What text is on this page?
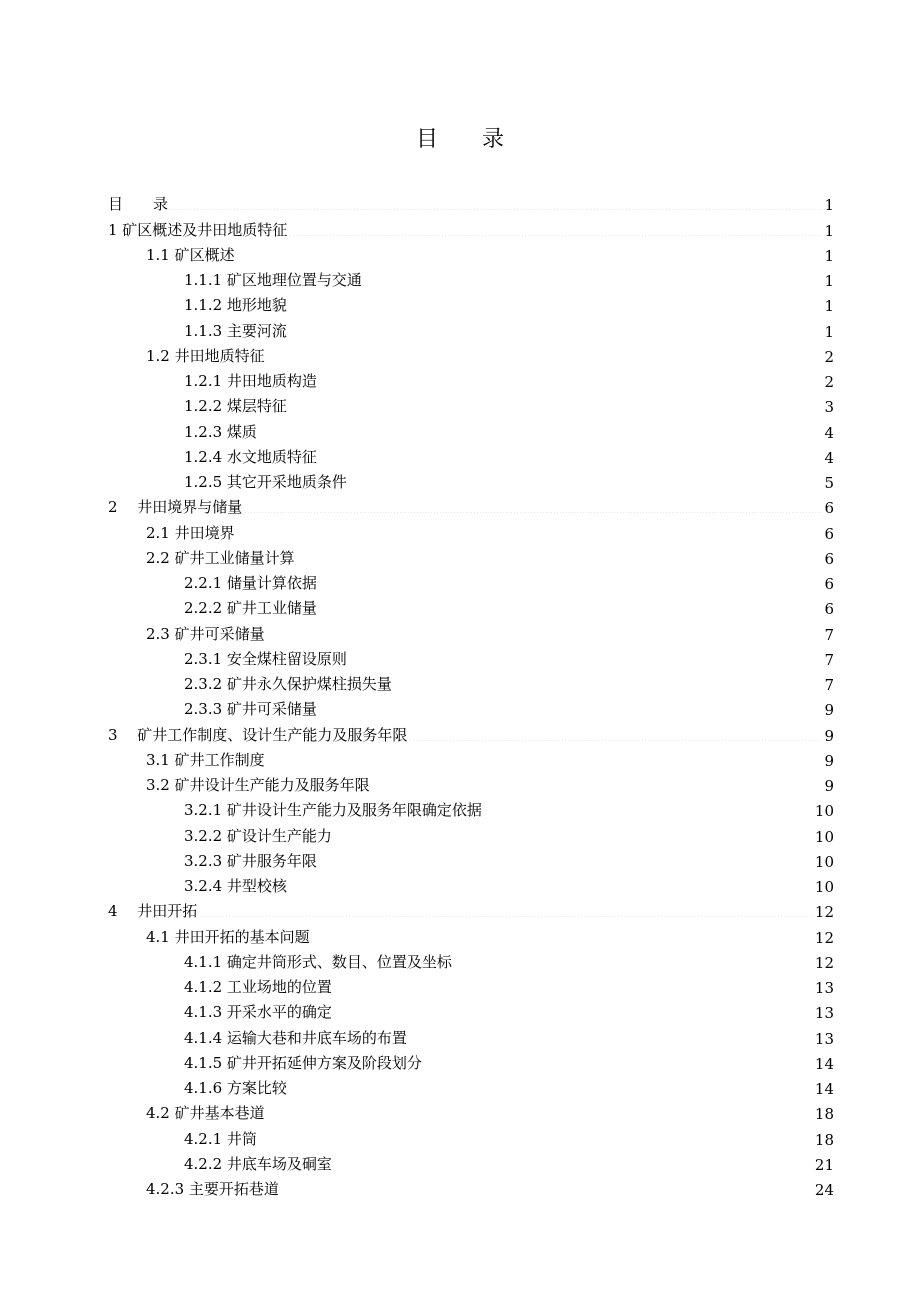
目　　录
目　　录 .....	1
1 矿区概述及井田地质特征 .....	1
1.1 矿区概述 . . .	1
1.1.1 矿区地理位置与交通 . . .	1
1.1.2 地形地貌 . . .	1
1.1.3 主要河流 . . .	1
1.2 井田地质特征 . . .	2
1.2.1 井田地质构造 . . .	2
1.2.2 煤层特征 . . .	3
1.2.3 煤质 . . .	4
1.2.4 水文地质特征 . . .	4
1.2.5 其它开采地质条件 . . .	5
2　 井田境界与储量 .....	6
2.1 井田境界 . . .	6
2.2 矿井工业储量计算 . . .	6
2.2.1 储量计算依据 . . .	6
2.2.2 矿井工业储量 . . .	6
2.3 矿井可采储量 . . .	7
2.3.1 安全煤柱留设原则 . . .	7
2.3.2 矿井永久保护煤柱损失量 . . .	7
2.3.3 矿井可采储量 . . .	9
3　 矿井工作制度、设计生产能力及服务年限 .....	9
3.1 矿井工作制度 . . .	9
3.2 矿井设计生产能力及服务年限 . . .	9
3.2.1 矿井设计生产能力及服务年限确定依据 . . .	10
3.2.2 矿设计生产能力 . . .	10
3.2.3 矿井服务年限 . . .	10
3.2.4 井型校核 . . .	10
4　 井田开拓 .....	12
4.1 井田开拓的基本问题 . . .	12
4.1.1 确定井筒形式、数目、位置及坐标 . . .	12
4.1.2 工业场地的位置 . . .	13
4.1.3 开采水平的确定 . . .	13
4.1.4 运输大巷和井底车场的布置 . . .	13
4.1.5 矿井开拓延伸方案及阶段划分 . . .	14
4.1.6 方案比较 . . .	14
4.2 矿井基本巷道 . . .	18
4.2.1 井筒 . . .	18
4.2.2 井底车场及硐室 . . .	21
4.2.3 主要开拓巷道 . . .	24
